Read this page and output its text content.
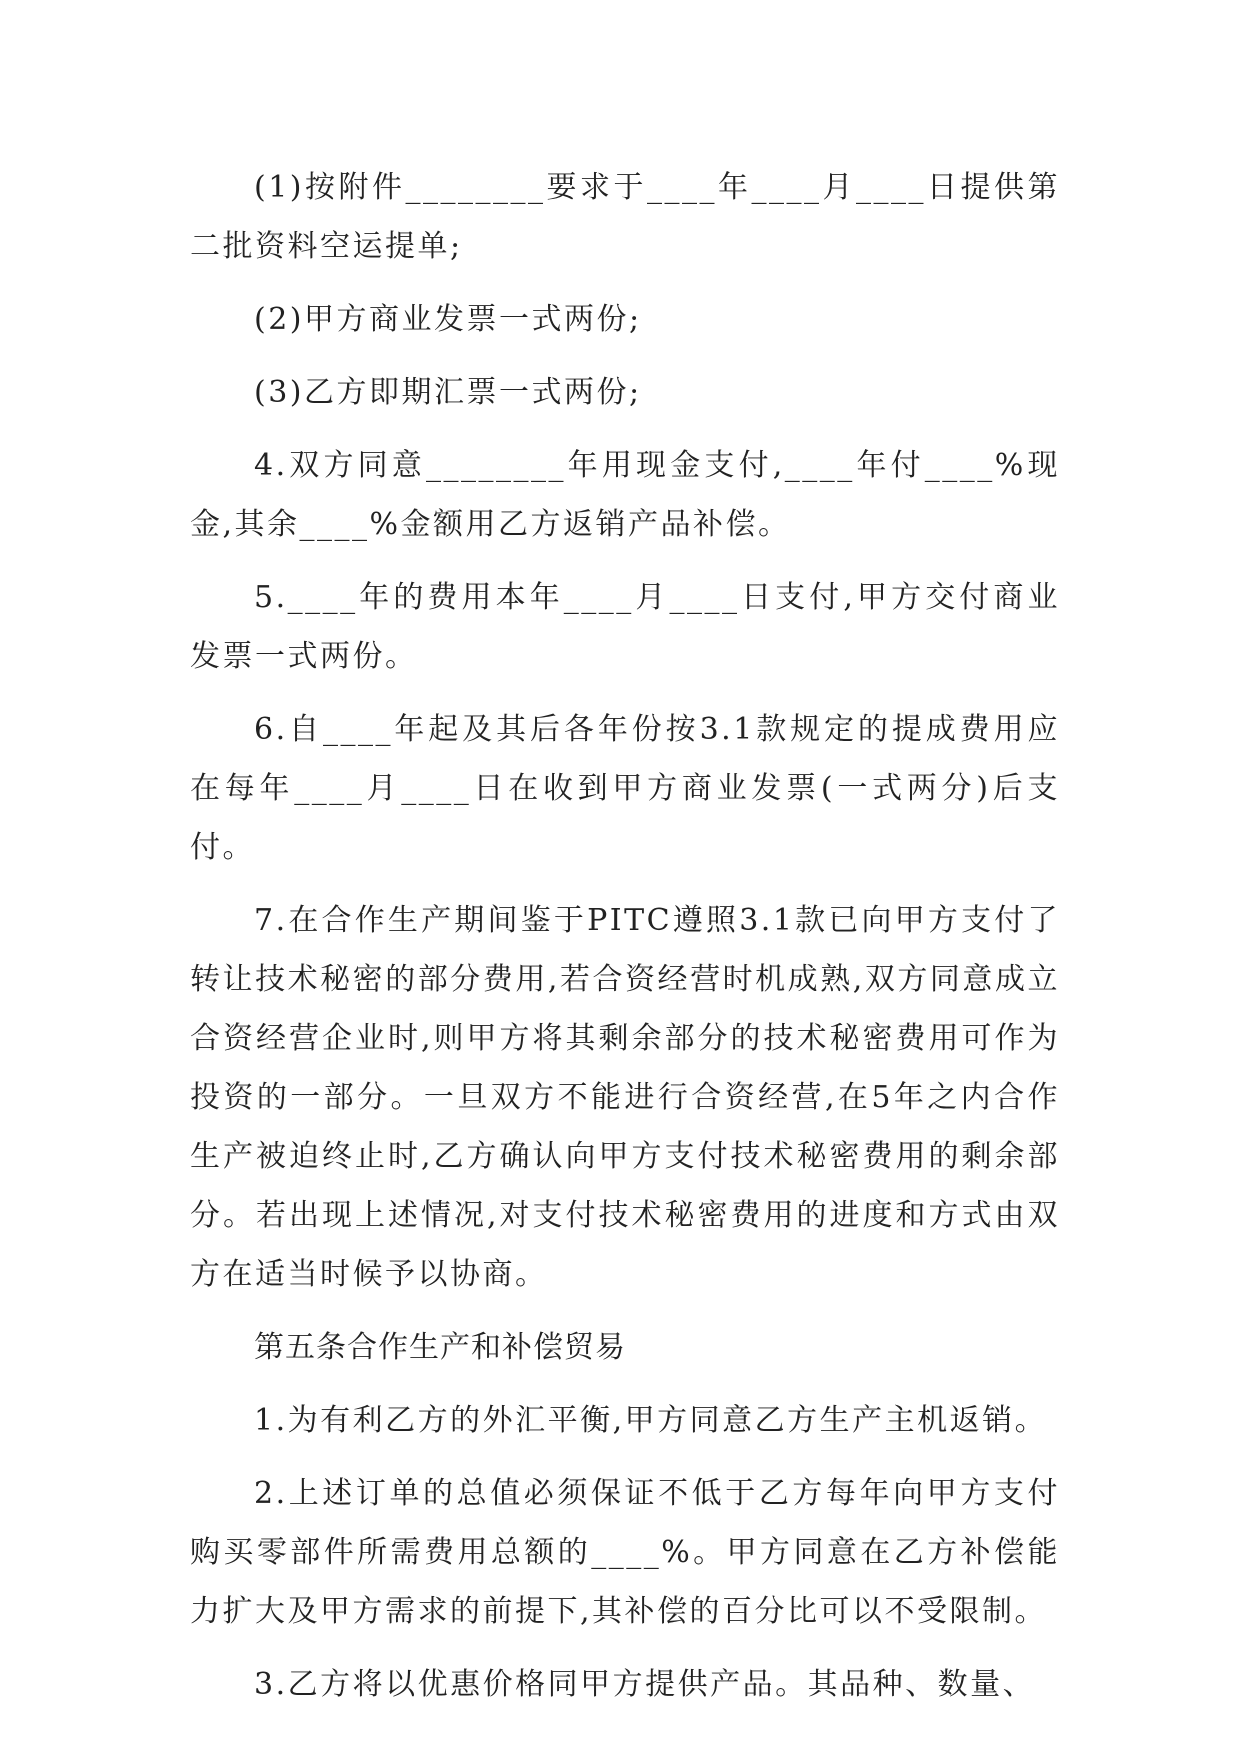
(1)按附件________要求于____年____月____日提供第二批资料空运提单;

(2)甲方商业发票一式两份;

(3)乙方即期汇票一式两份;

4.双方同意________年用现金支付,____年付____%现金,其余____%金额用乙方返销产品补偿。

5.____年的费用本年____月____日支付,甲方交付商业发票一式两份。

6.自____年起及其后各年份按3.1款规定的提成费用应在每年____月____日在收到甲方商业发票(一式两分)后支付。

7.在合作生产期间鉴于PITC遵照3.1款已向甲方支付了转让技术秘密的部分费用,若合资经营时机成熟,双方同意成立合资经营企业时,则甲方将其剩余部分的技术秘密费用可作为投资的一部分。一旦双方不能进行合资经营,在5年之内合作生产被迫终止时,乙方确认向甲方支付技术秘密费用的剩余部分。若出现上述情况,对支付技术秘密费用的进度和方式由双方在适当时候予以协商。

第五条合作生产和补偿贸易

1.为有利乙方的外汇平衡,甲方同意乙方生产主机返销。

2.上述订单的总值必须保证不低于乙方每年向甲方支付购买零部件所需费用总额的____%。甲方同意在乙方补偿能力扩大及甲方需求的前提下,其补偿的百分比可以不受限制。

3.乙方将以优惠价格同甲方提供产品。其品种、数量、
